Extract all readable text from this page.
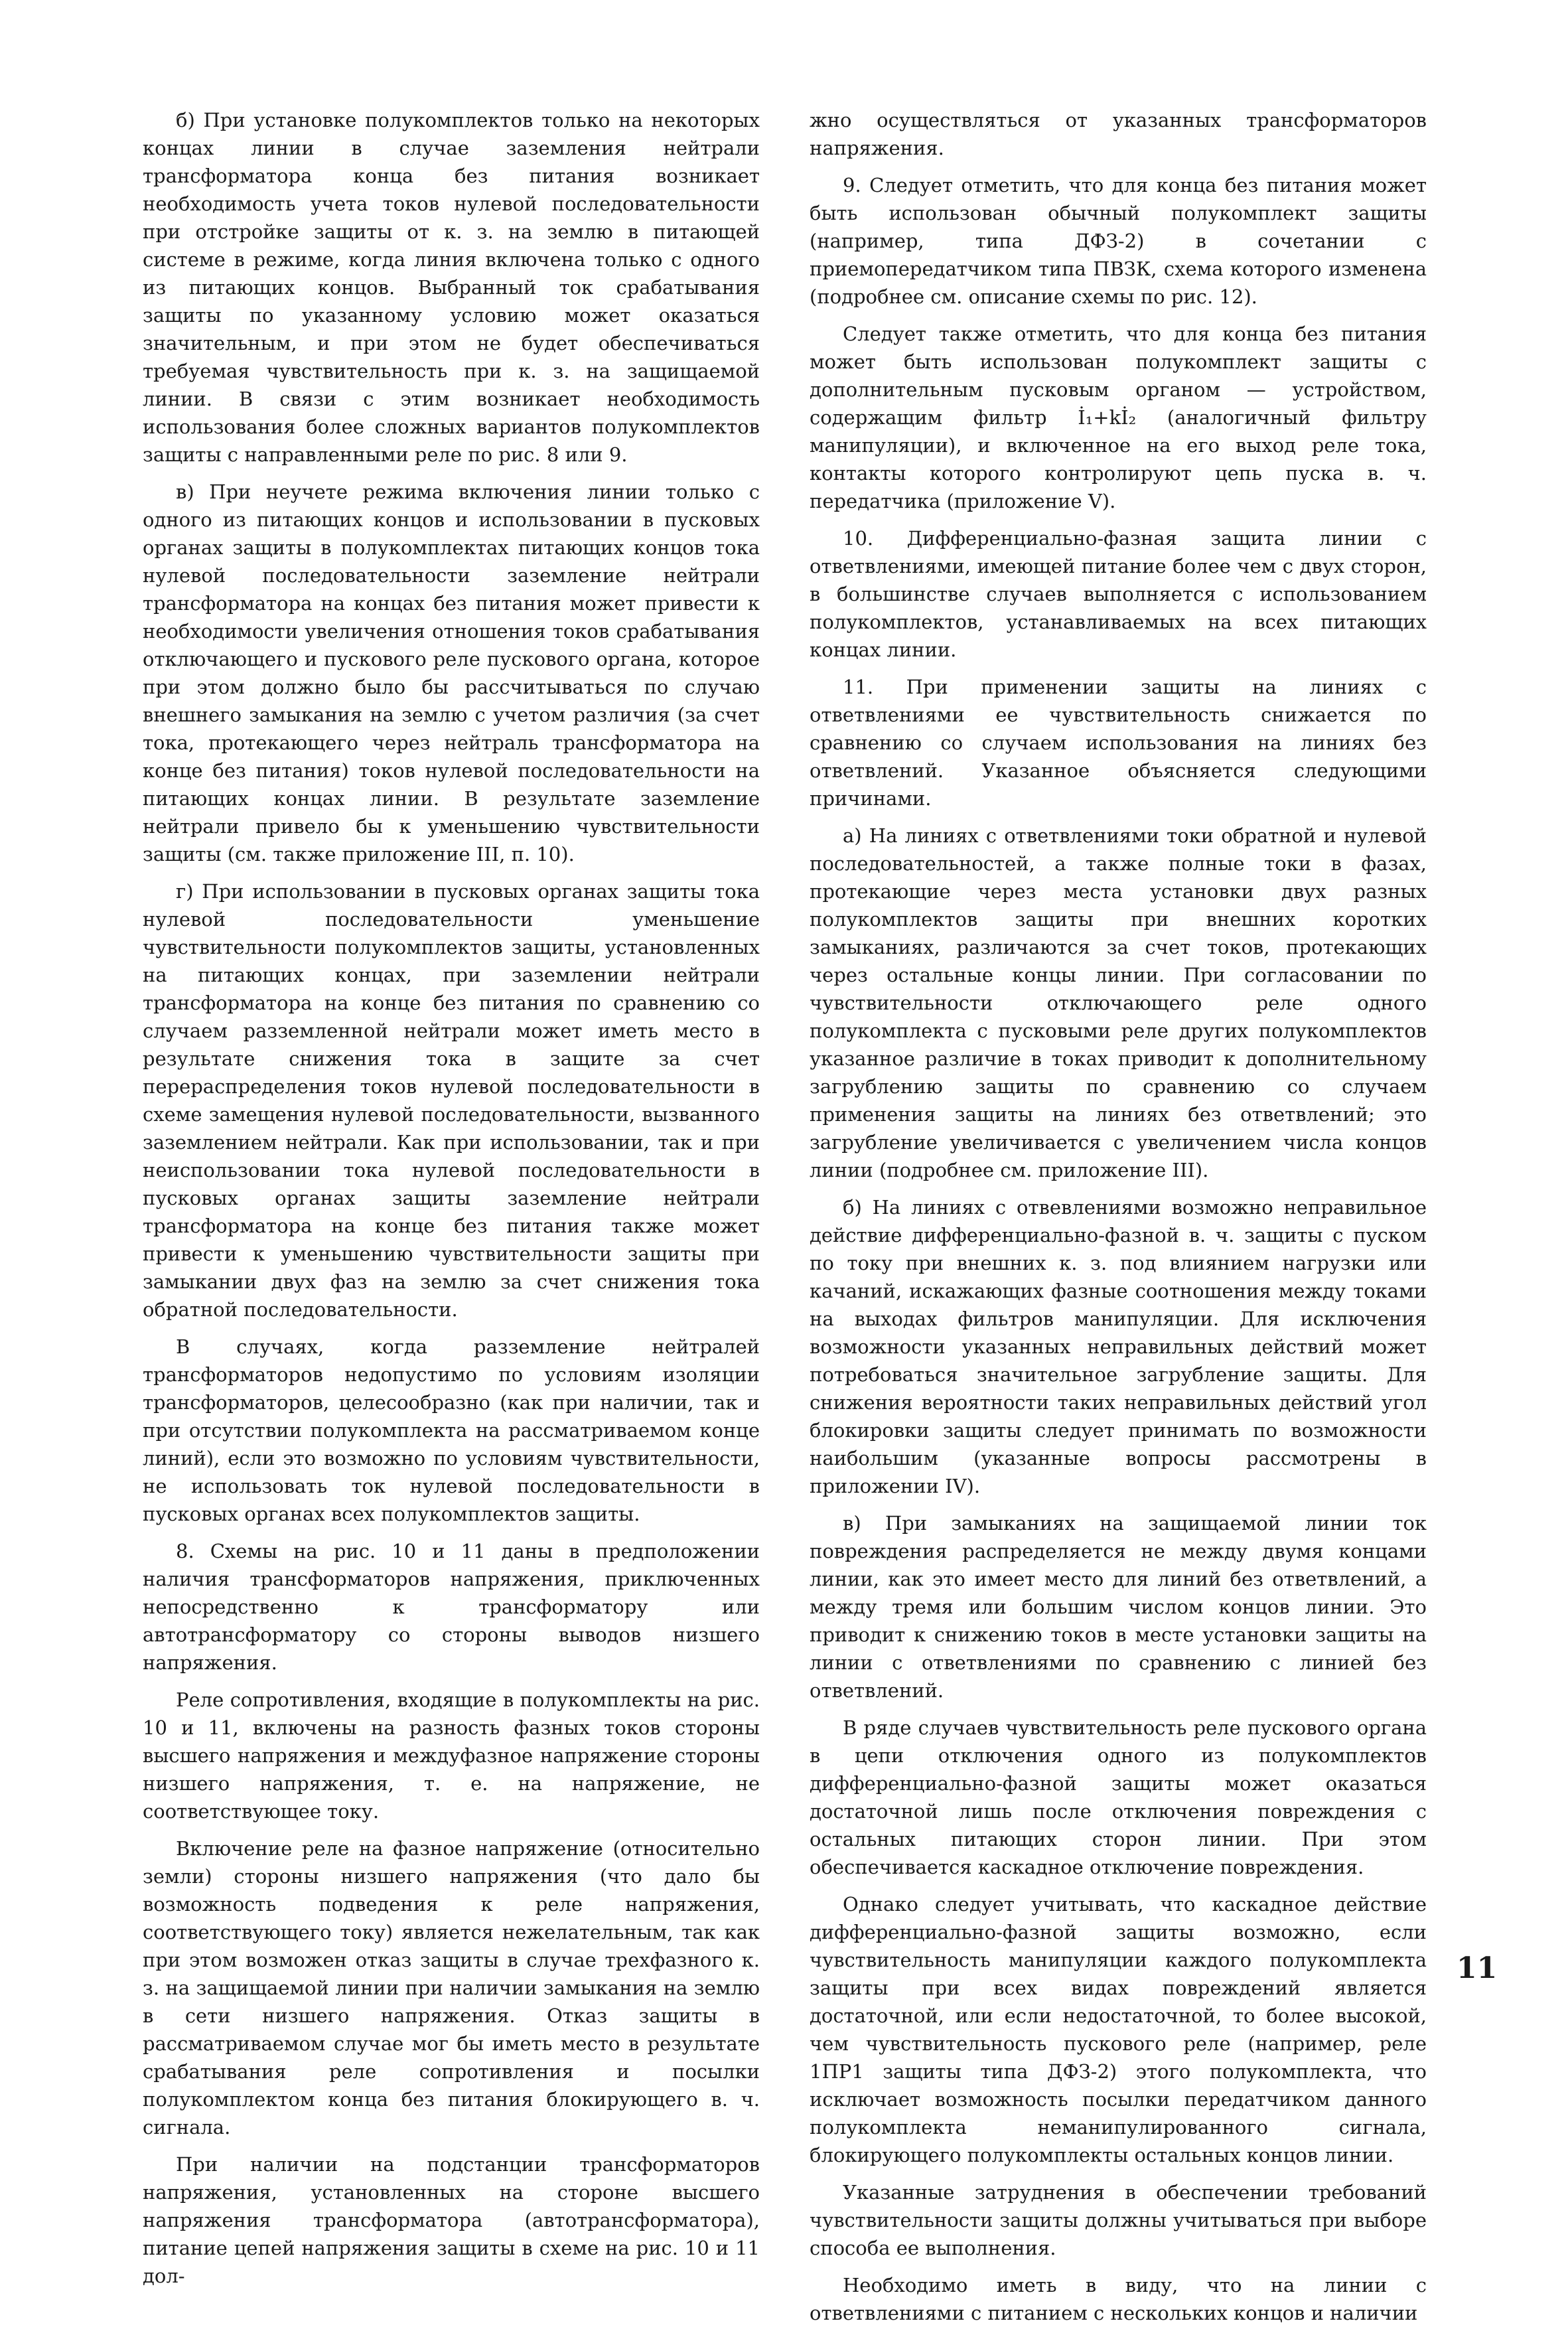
б) При установке полукомплектов только на некоторых концах линии в случае заземления нейтрали трансформатора конца без питания возникает необходимость учета токов нулевой последовательности при отстройке защиты от к. з. на землю в питающей системе в режиме, когда линия включена только с одного из питающих концов. Выбранный ток срабатывания защиты по указанному условию может оказаться значительным, и при этом не будет обеспечиваться требуемая чувствительность при к. з. на защищаемой линии. В связи с этим возникает необходимость использования более сложных вариантов полукомплектов защиты с направленными реле по рис. 8 или 9.

в) При неучете режима включения линии только с одного из питающих концов и использовании в пусковых органах защиты в полукомплектах питающих концов тока нулевой последовательности заземление нейтрали трансформатора на концах без питания может привести к необходимости увеличения отношения токов срабатывания отключающего и пускового реле пускового органа, которое при этом должно было бы рассчитываться по случаю внешнего замыкания на землю с учетом различия (за счет тока, протекающего через нейтраль трансформатора на конце без питания) токов нулевой последовательности на питающих концах линии. В результате заземление нейтрали привело бы к уменьшению чувствительности защиты (см. также приложение III, п. 10).

г) При использовании в пусковых органах защиты тока нулевой последовательности уменьшение чувствительности полукомплектов защиты, установленных на питающих концах, при заземлении нейтрали трансформатора на конце без питания по сравнению со случаем разземленной нейтрали может иметь место в результате снижения тока в защите за счет перераспределения токов нулевой последовательности в схеме замещения нулевой последовательности, вызванного заземлением нейтрали. Как при использовании, так и при неиспользовании тока нулевой последовательности в пусковых органах защиты заземление нейтрали трансформатора на конце без питания также может привести к уменьшению чувствительности защиты при замыкании двух фаз на землю за счет снижения тока обратной последовательности.

В случаях, когда разземление нейтралей трансформаторов недопустимо по условиям изоляции трансформаторов, целесообразно (как при наличии, так и при отсутствии полукомплекта на рассматриваемом конце линий), если это возможно по условиям чувствительности, не использовать ток нулевой последовательности в пусковых органах всех полукомплектов защиты.

8. Схемы на рис. 10 и 11 даны в предположении наличия трансформаторов напряжения, приключенных непосредственно к трансформатору или автотрансформатору со стороны выводов низшего напряжения.

Реле сопротивления, входящие в полукомплекты на рис. 10 и 11, включены на разность фазных токов стороны высшего напряжения и междуфазное напряжение стороны низшего напряжения, т. е. на напряжение, не соответствующее току.

Включение реле на фазное напряжение (относительно земли) стороны низшего напряжения (что дало бы возможность подведения к реле напряжения, соответствующего току) является нежелательным, так как при этом возможен отказ защиты в случае трехфазного к. з. на защищаемой линии при наличии замыкания на землю в сети низшего напряжения. Отказ защиты в рассматриваемом случае мог бы иметь место в результате срабатывания реле сопротивления и посылки полукомплектом конца без питания блокирующего в. ч. сигнала.

При наличии на подстанции трансформаторов напряжения, установленных на стороне высшего напряжения трансформатора (автотрансформатора), питание цепей напряжения защиты в схеме на рис. 10 и 11 дол-

жно осуществляться от указанных трансформаторов напряжения.

9. Следует отметить, что для конца без питания может быть использован обычный полукомплект защиты (например, типа ДФЗ-2) в сочетании с приемопередатчиком типа ПВЗК, схема которого изменена (подробнее см. описание схемы по рис. 12).

Следует также отметить, что для конца без питания может быть использован полукомплект защиты с дополнительным пусковым органом — устройством, содержащим фильтр İ₁+kİ₂ (аналогичный фильтру манипуляции), и включенное на его выход реле тока, контакты которого контролируют цепь пуска в. ч. передатчика (приложение V).

10. Дифференциально-фазная защита линии с ответвлениями, имеющей питание более чем с двух сторон, в большинстве случаев выполняется с использованием полукомплектов, устанавливаемых на всех питающих концах линии.

11. При применении защиты на линиях с ответвлениями ее чувствительность снижается по сравнению со случаем использования на линиях без ответвлений. Указанное объясняется следующими причинами.

а) На линиях с ответвлениями токи обратной и нулевой последовательностей, а также полные токи в фазах, протекающие через места установки двух разных полукомплектов защиты при внешних коротких замыканиях, различаются за счет токов, протекающих через остальные концы линии. При согласовании по чувствительности отключающего реле одного полукомплекта с пусковыми реле других полукомплектов указанное различие в токах приводит к дополнительному загрублению защиты по сравнению со случаем применения защиты на линиях без ответвлений; это загрубление увеличивается с увеличением числа концов линии (подробнее см. приложение III).

б) На линиях с отвевлениями возможно неправильное действие дифференциально-фазной в. ч. защиты с пуском по току при внешних к. з. под влиянием нагрузки или качаний, искажающих фазные соотношения между токами на выходах фильтров манипуляции. Для исключения возможности указанных неправильных действий может потребоваться значительное загрубление защиты. Для снижения вероятности таких неправильных действий угол блокировки защиты следует принимать по возможности наибольшим (указанные вопросы рассмотрены в приложении IV).

в) При замыканиях на защищаемой линии ток повреждения распределяется не между двумя концами линии, как это имеет место для линий без ответвлений, а между тремя или большим числом концов линии. Это приводит к снижению токов в месте установки защиты на линии с ответвлениями по сравнению с линией без ответвлений.

В ряде случаев чувствительность реле пускового органа в цепи отключения одного из полукомплектов дифференциально-фазной защиты может оказаться достаточной лишь после отключения повреждения с остальных питающих сторон линии. При этом обеспечивается каскадное отключение повреждения.

Однако следует учитывать, что каскадное действие дифференциально-фазной защиты возможно, если чувствительность манипуляции каждого полукомплекта защиты при всех видах повреждений является достаточной, или если недостаточной, то более высокой, чем чувствительность пускового реле (например, реле 1ПР1 защиты типа ДФЗ-2) этого полукомплекта, что исключает возможность посылки передатчиком данного полукомплекта неманипулированного сигнала, блокирующего полукомплекты остальных концов линии.

Указанные затруднения в обеспечении требований чувствительности защиты должны учитываться при выборе способа ее выполнения.

Необходимо иметь в виду, что на линии с ответвлениями с питанием с нескольких концов и наличии

11
